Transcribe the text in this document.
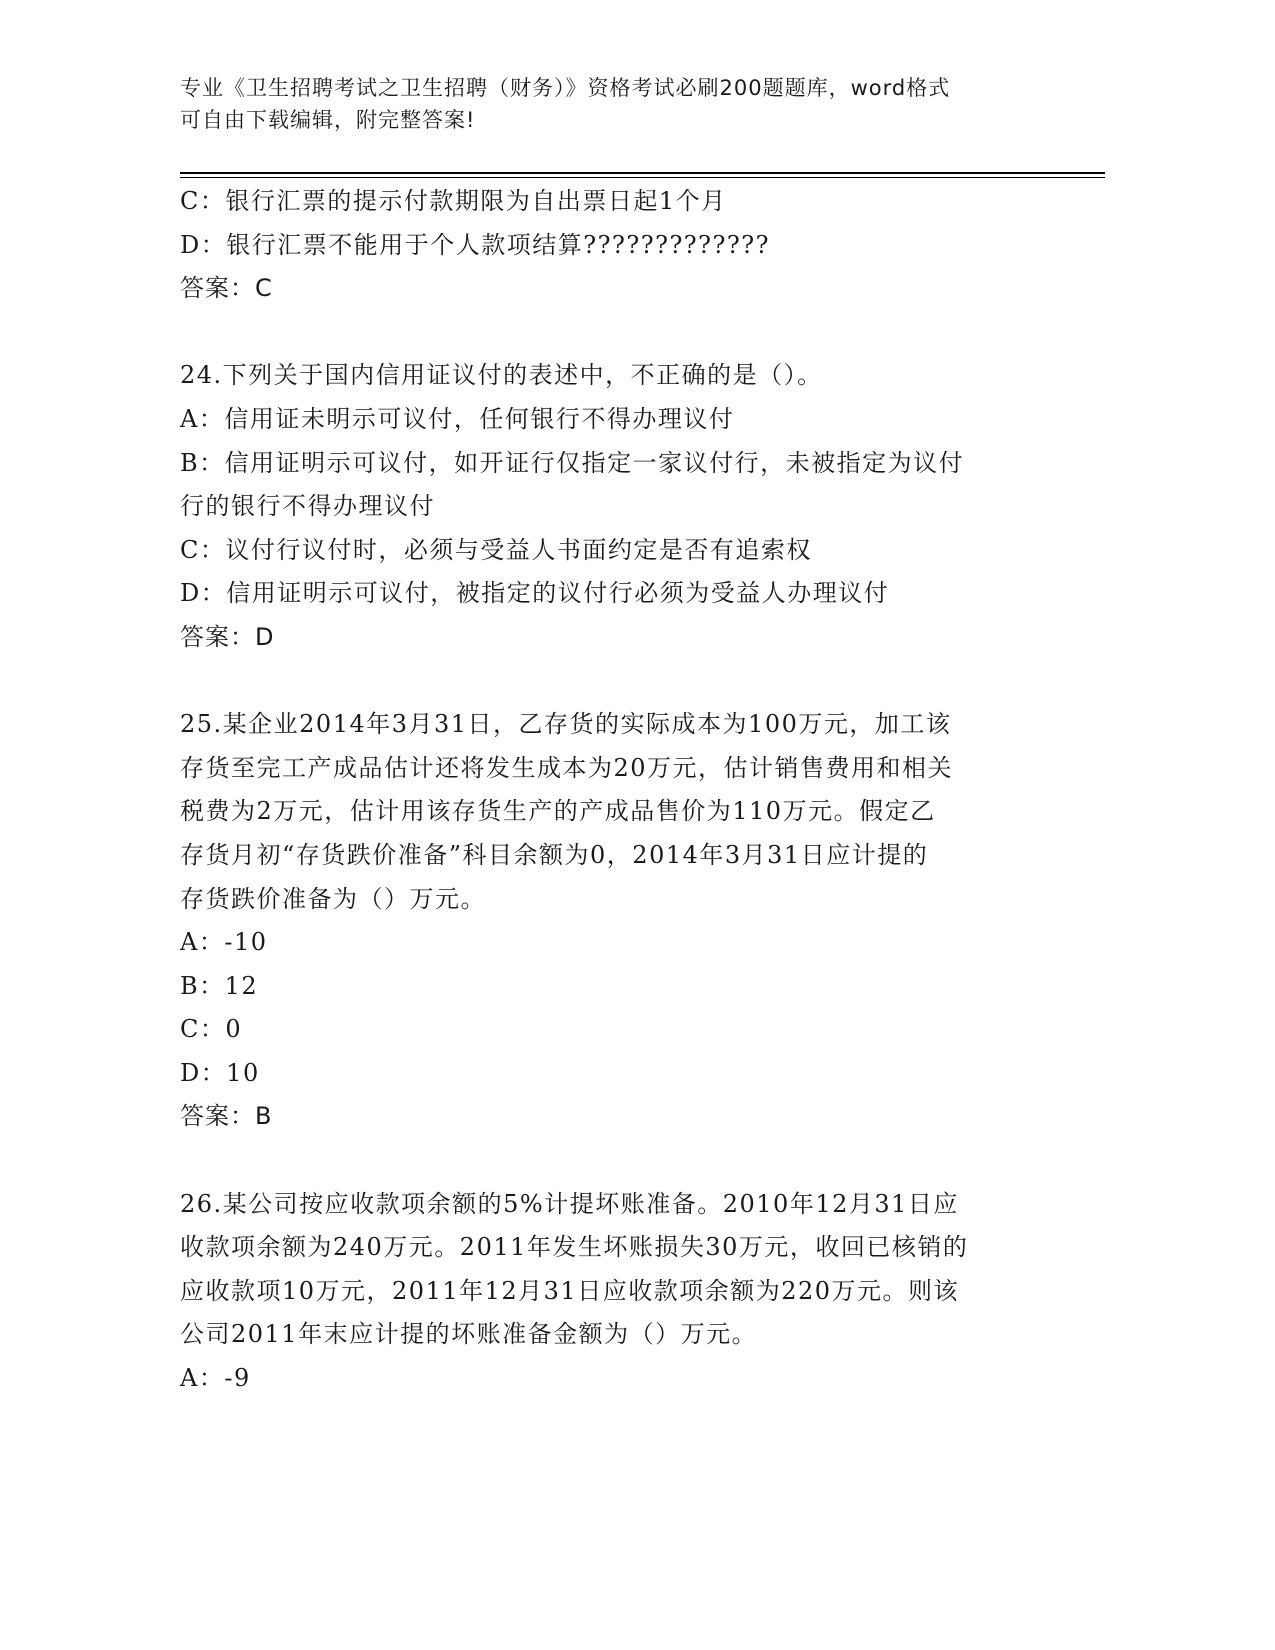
专业《卫生招聘考试之卫生招聘（财务）》资格考试必刷200题题库，word格式
可自由下载编辑，附完整答案!
C：银行汇票的提示付款期限为自出票日起1个月
D：银行汇票不能用于个人款项结算?????????????
答案：C
24.下列关于国内信用证议付的表述中，不正确的是（）。
A：信用证未明示可议付，任何银行不得办理议付
B：信用证明示可议付，如开证行仅指定一家议付行，未被指定为议付
行的银行不得办理议付
C：议付行议付时，必须与受益人书面约定是否有追索权
D：信用证明示可议付，被指定的议付行必须为受益人办理议付
答案：D
25.某企业2014年3月31日，乙存货的实际成本为100万元，加工该
存货至完工产成品估计还将发生成本为20万元，估计销售费用和相关
税费为2万元，估计用该存货生产的产成品售价为110万元。假定乙
存货月初“存货跌价准备”科目余额为0，2014年3月31日应计提的
存货跌价准备为（）万元。
A：-10
B：12
C：0
D：10
答案：B
26.某公司按应收款项余额的5%计提坏账准备。2010年12月31日应
收款项余额为240万元。2011年发生坏账损失30万元，收回已核销的
应收款项10万元，2011年12月31日应收款项余额为220万元。则该
公司2011年末应计提的坏账准备金额为（）万元。
A：-9
